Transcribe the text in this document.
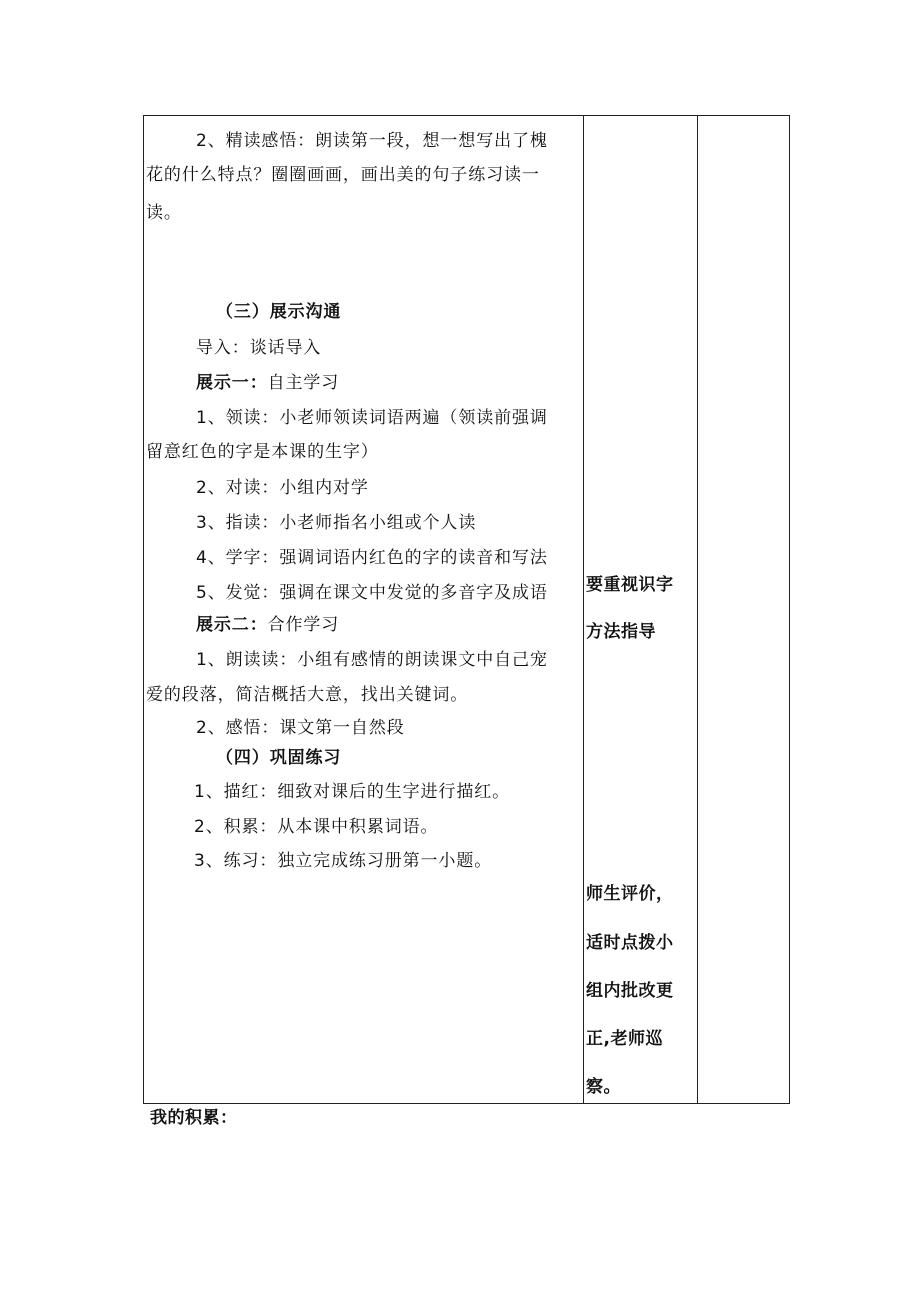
2、精读感悟：朗读第一段，想一想写出了槐
花的什么特点？圈圈画画，画出美的句子练习读一
读。
（三）展示沟通
导入：谈话导入
展示一：自主学习
1、领读：小老师领读词语两遍（领读前强调
留意红色的字是本课的生字）
2、对读：小组内对学
3、指读：小老师指名小组或个人读
4、学字：强调词语内红色的字的读音和写法
5、发觉：强调在课文中发觉的多音字及成语
展示二：合作学习
1、朗读读：小组有感情的朗读课文中自己宠
爱的段落，简洁概括大意，找出关键词。
2、感悟：课文第一自然段
（四）巩固练习
1、描红：细致对课后的生字进行描红。
2、积累：从本课中积累词语。
3、练习：独立完成练习册第一小题。
要重视识字
方法指导
师生评价，
适时点拨小
组内批改更
正,老师巡
察。
我的积累：
